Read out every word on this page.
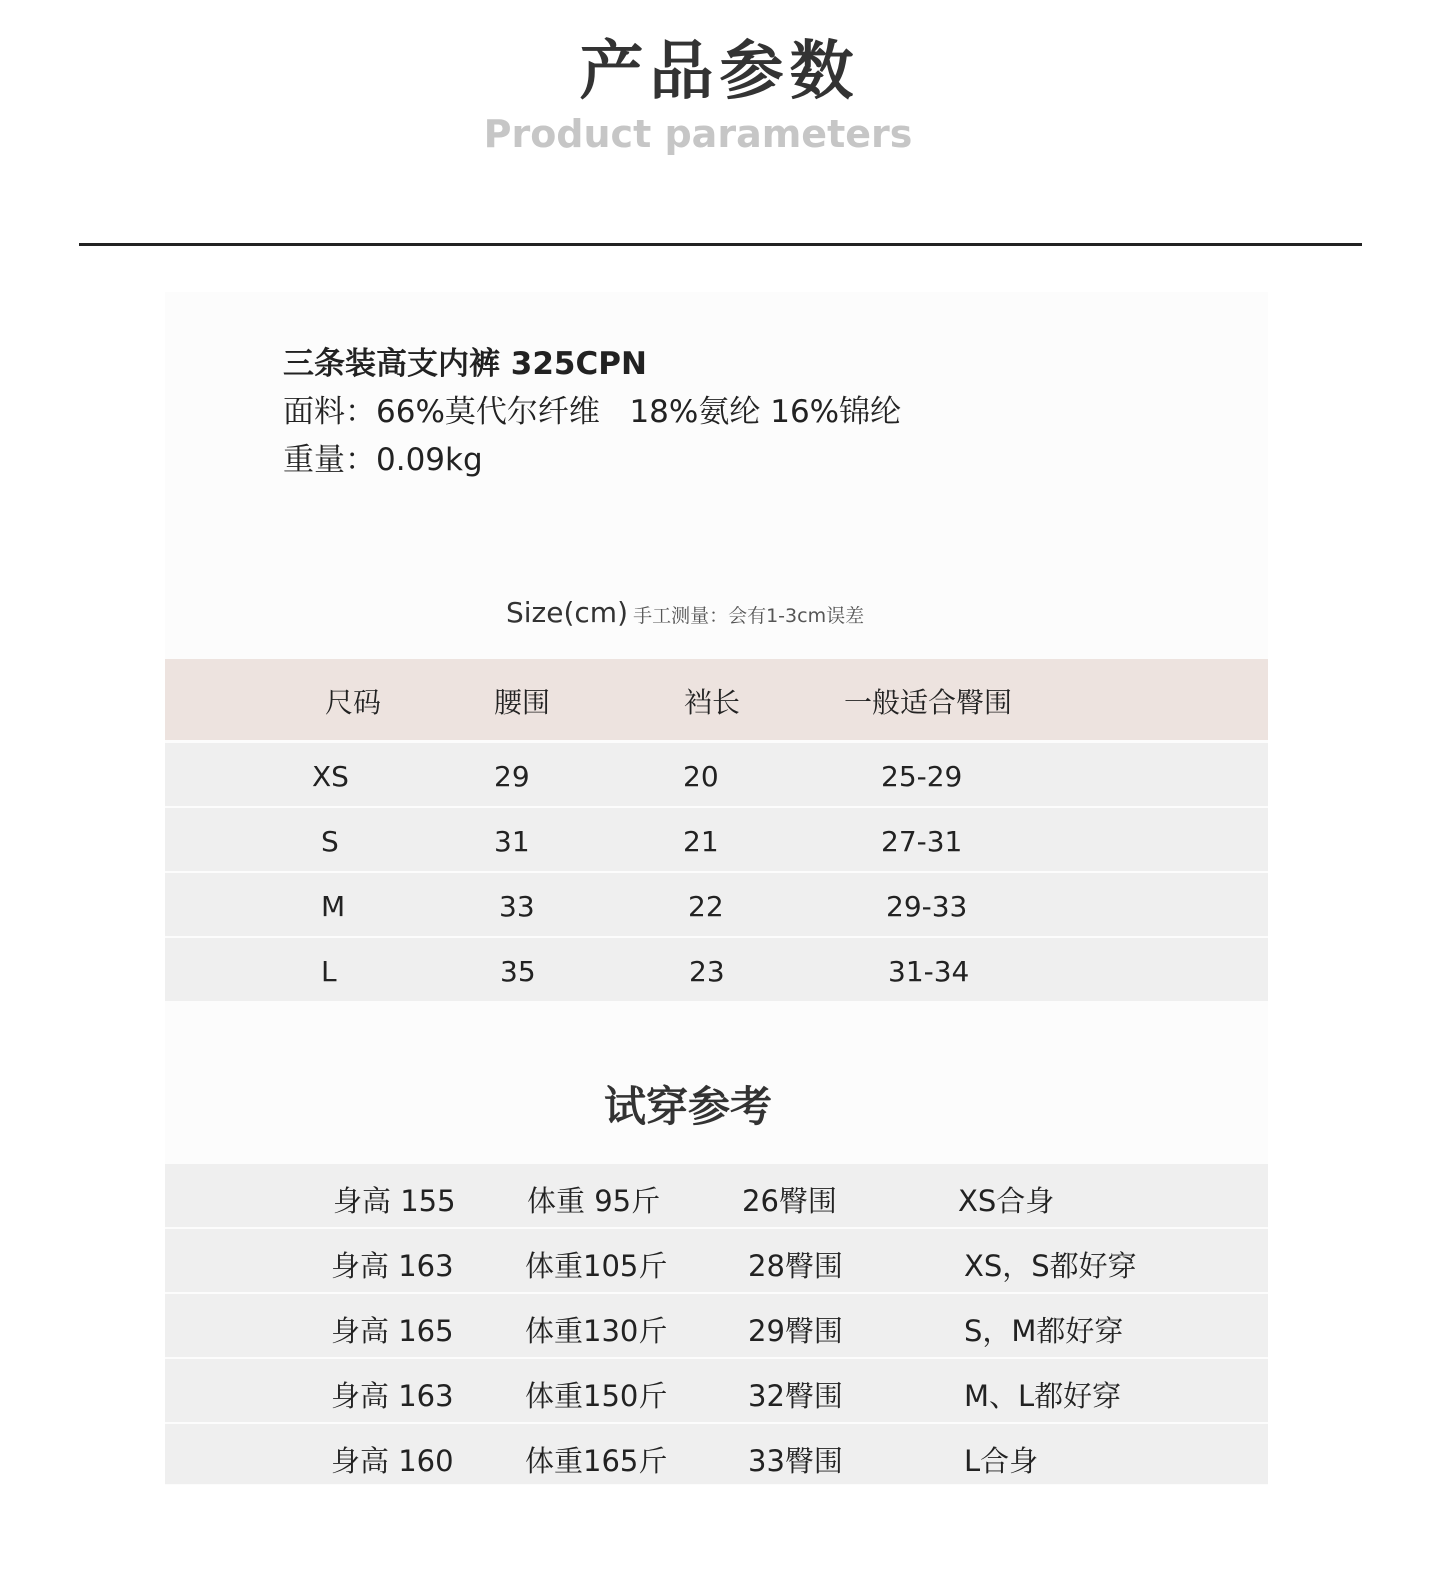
产品参数
Product parameters
三条装高支内裤 325CPN
面料：66%莫代尔纤维   18%氨纶 16%锦纶
重量：0.09kg
Size(cm) 手工测量：会有1-3cm误差
尺码	腰围	裆长	一般适合臀围
XS	29	20	25-29
S	31	21	27-31
M	33	22	29-33
L	35	23	31-34
试穿参考
身高 155 体重 95斤	26臀围	XS合身
身高 163 体重105斤	28臀围	XS，S都好穿
身高 165 体重130斤	29臀围	S，M都好穿
身高 163 体重150斤	32臀围	M、L都好穿
身高 160 体重165斤	33臀围	L合身
